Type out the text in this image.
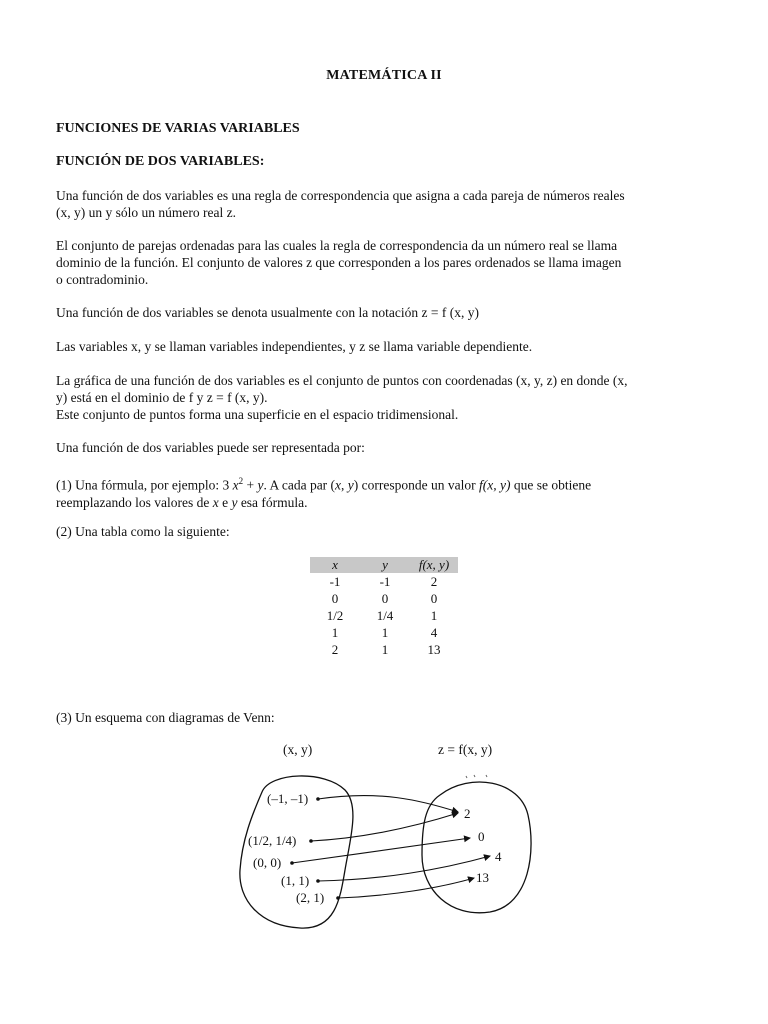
MATEMÁTICA II
FUNCIONES DE VARIAS VARIABLES
FUNCIÓN DE DOS VARIABLES:
Una función de dos variables es una regla de correspondencia que asigna a cada pareja de números reales
(x, y) un y sólo un número real z.
El conjunto de parejas ordenadas para las cuales la regla de correspondencia da un número real se llama
dominio de la función. El conjunto de valores z que corresponden a los pares ordenados se llama imagen
o contradominio.
Una función de dos variables se denota usualmente con la notación z = f (x, y)
Las variables x, y se llaman variables independientes, y z se llama variable dependiente.
La gráfica de una función de dos variables es el conjunto de puntos con coordenadas (x, y, z) en donde (x,
y) está en el dominio de f y z = f (x, y).
Este conjunto de puntos forma una superficie en el espacio tridimensional.
Una función de dos variables puede ser representada por:
(1) Una fórmula, por ejemplo: 3 $x^2 + y$. A cada par (x, y) corresponde un valor f(x, y) que se obtiene
reemplazando los valores de x e y esa fórmula.
(2) Una tabla como la siguiente:
x	y	f(x, y)
-1	-1	2
0	0	0
1/2	1/4	1
1	1	4
2	1	13
(3) Un esquema con diagramas de Venn:
(x, y)	z = f(x, y)
(–1, –1)
(1/2, 1/4)
(0, 0)
(1, 1)
(2, 1)
2
0
4
13
